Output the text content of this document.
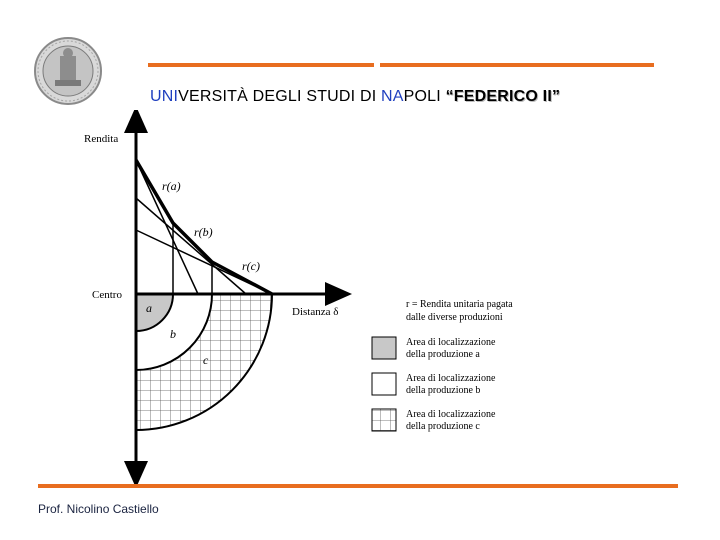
UNIVERSITÀ DEGLI STUDI DI NAPOLI “FEDERICO II”
Rendita
Centro
Distanza δ
r(a)
r(b)
r(c)
a
b
c
r = Rendita unitaria pagata
dalle diverse produzioni
Area di localizzazione
della produzione a
Area di localizzazione
della produzione b
Area di localizzazione
della produzione c
Prof. Nicolino Castiello
